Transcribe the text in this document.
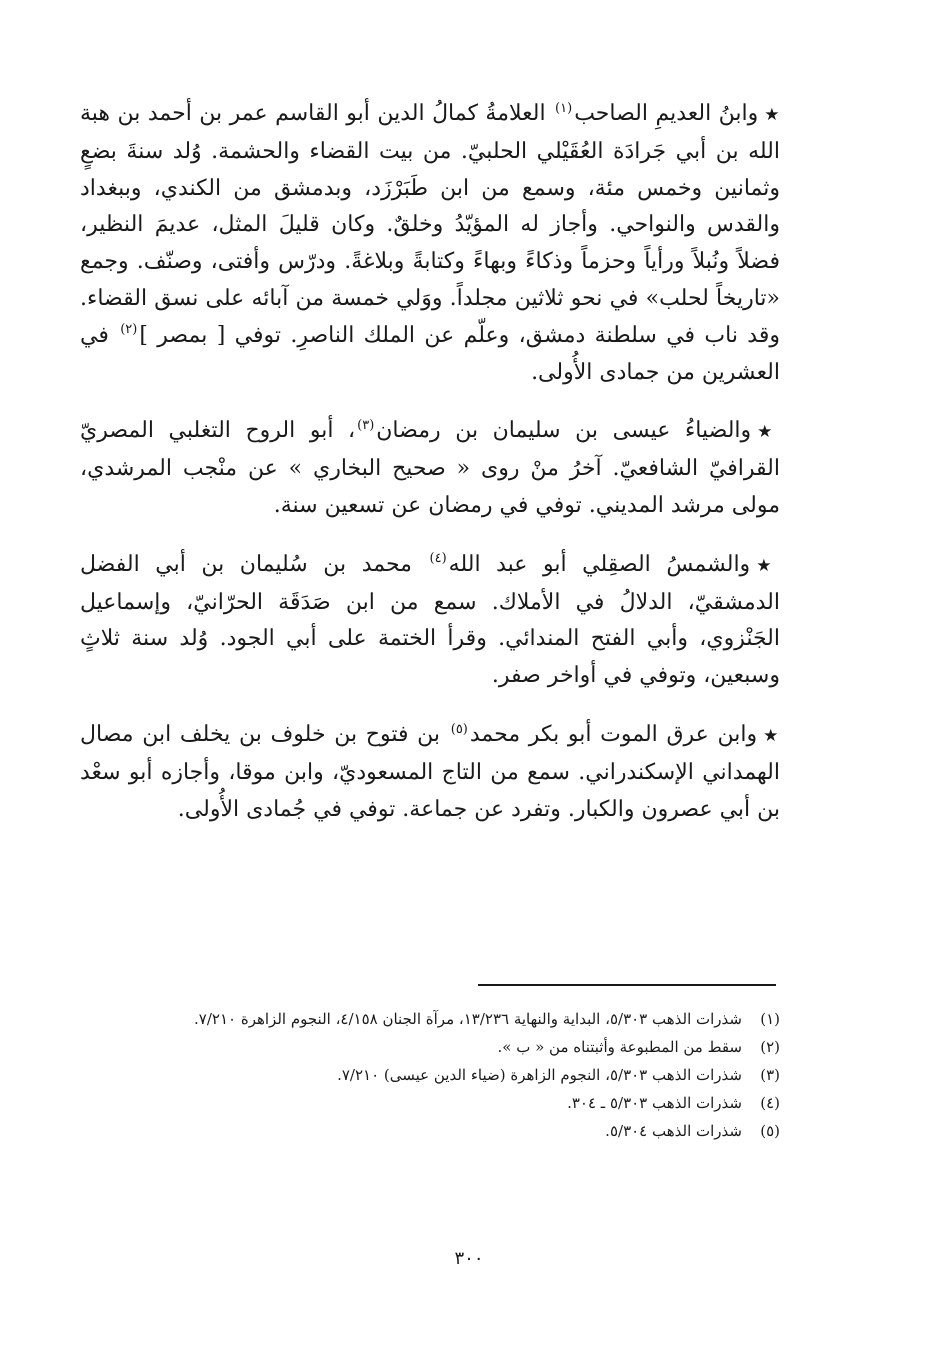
★وابنُ العديمِ الصاحب$^{(١)}$ العلامةُ كمالُ الدين أبو القاسم عمر بن أحمد بن هبة الله بن أبي جَرادَة العُقَيْلي الحلبيّ. من بيت القضاء والحشمة. وُلد سنةَ بضعٍ وثمانين وخمس مئة، وسمع من ابن طَبَرْزَد، وبدمشق من الكندي، وببغداد والقدس والنواحي. وأجاز له المؤيّدُ وخلقٌ. وكان قليلَ المثل، عديمَ النظير، فضلاً ونُبلاً ورأياً وحزماً وذكاءً وبهاءً وكتابةً وبلاغةً. ودرّس وأفتى، وصنّف. وجمع «تاريخاً لحلب» في نحو ثلاثين مجلداً. ووَلي خمسة من آبائه على نسق القضاء. وقد ناب في سلطنة دمشق، وعلّم عن الملك الناصرِ. توفي [ بمصر ]$^{(٢)}$ في العشرين من جمادى الأُولى.

★والضياءُ عيسى بن سليمان بن رمضان$^{(٣)}$، أبو الروح التغلبي المصريّ القرافيّ الشافعيّ. آخرُ منْ روى « صحيح البخاري » عن منْجب المرشدي، مولى مرشد المديني. توفي في رمضان عن تسعين سنة.

★والشمسُ الصقِلي أبو عبد الله$^{(٤)}$ محمد بن سُليمان بن أبي الفضل الدمشقيّ، الدلالُ في الأملاك. سمع من ابن صَدَقَة الحرّانيّ، وإسماعيل الجَنْزوي، وأبي الفتح المندائي. وقرأ الختمة على أبي الجود. وُلد سنة ثلاثٍ وسبعين، وتوفي في أواخر صفر.

★وابن عرق الموت أبو بكر محمد$^{(٥)}$ بن فتوح بن خلوف بن يخلف ابن مصال الهمداني الإسكندراني. سمع من التاج المسعوديّ، وابن موقا، وأجازه أبو سعْد بن أبي عصرون والكبار. وتفرد عن جماعة. توفي في جُمادى الأُولى.

(١)
شذرات الذهب ٥/٣٠٣، البداية والنهاية ١٣/٢٣٦، مرآة الجنان ٤/١٥٨، النجوم الزاهرة ٧/٢١٠.
(٢)
سقط من المطبوعة وأثبتناه من « ب ».
(٣)
شذرات الذهب ٥/٣٠٣، النجوم الزاهرة (ضياء الدين عيسى) ٧/٢١٠.
(٤)
شذرات الذهب ٥/٣٠٣ ـ ٣٠٤.
(٥)
شذرات الذهب ٥/٣٠٤.
٣٠٠
